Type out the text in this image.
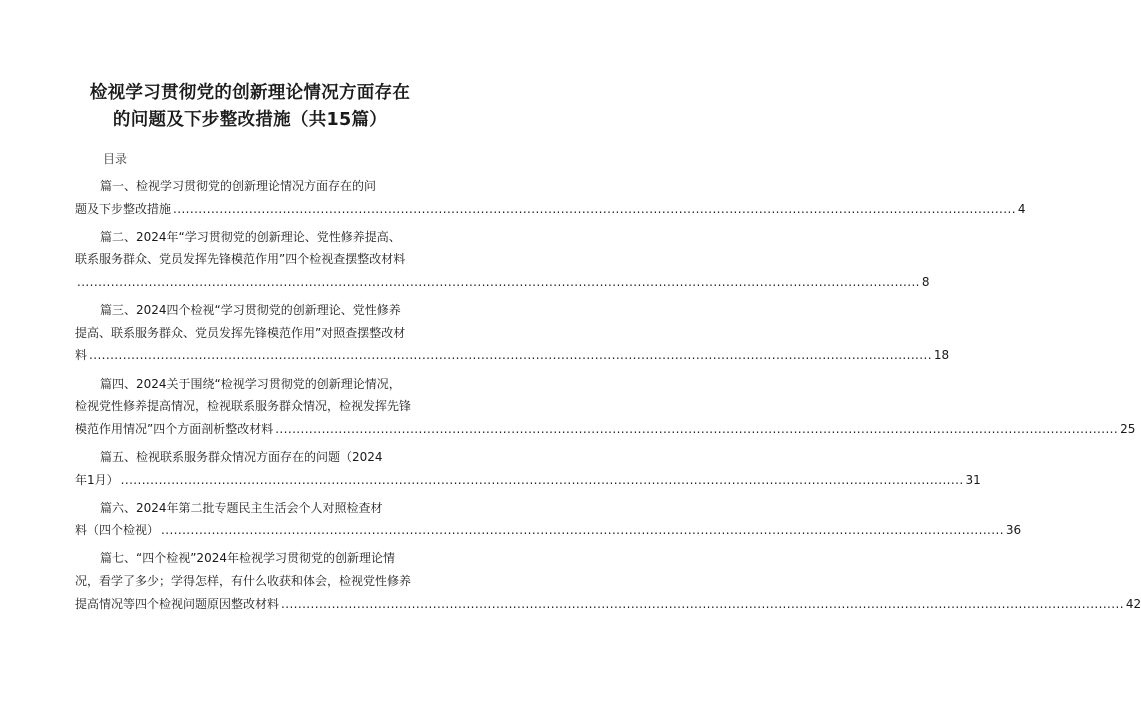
检视学习贯彻党的创新理论情况方面存在
的问题及下步整改措施（共15篇）
目录
篇一、检视学习贯彻党的创新理论情况方面存在的问
题及下步整改措施 ........................................................................................................................................................................................................ 4
篇二、2024年“学习贯彻党的创新理论、党性修养提高、
联系服务群众、党员发挥先锋模范作用”四个检视查摆整改材料
........................................................................................................................................................................................................ 8
篇三、2024四个检视“学习贯彻党的创新理论、党性修养
提高、联系服务群众、党员发挥先锋模范作用”对照查摆整改材
料 ........................................................................................................................................................................................................ 18
篇四、2024关于围绕“检视学习贯彻党的创新理论情况，
检视党性修养提高情况，检视联系服务群众情况，检视发挥先锋
模范作用情况”四个方面剖析整改材料 ........................................................................................................................................................................................................ 25
篇五、检视联系服务群众情况方面存在的问题（2024
年1月） ........................................................................................................................................................................................................ 31
篇六、2024年第二批专题民主生活会个人对照检查材
料（四个检视） ........................................................................................................................................................................................................ 36
篇七、“四个检视”2024年检视学习贯彻党的创新理论情
况，看学了多少；学得怎样，有什么收获和体会，检视党性修养
提高情况等四个检视问题原因整改材料 ........................................................................................................................................................................................................ 42
